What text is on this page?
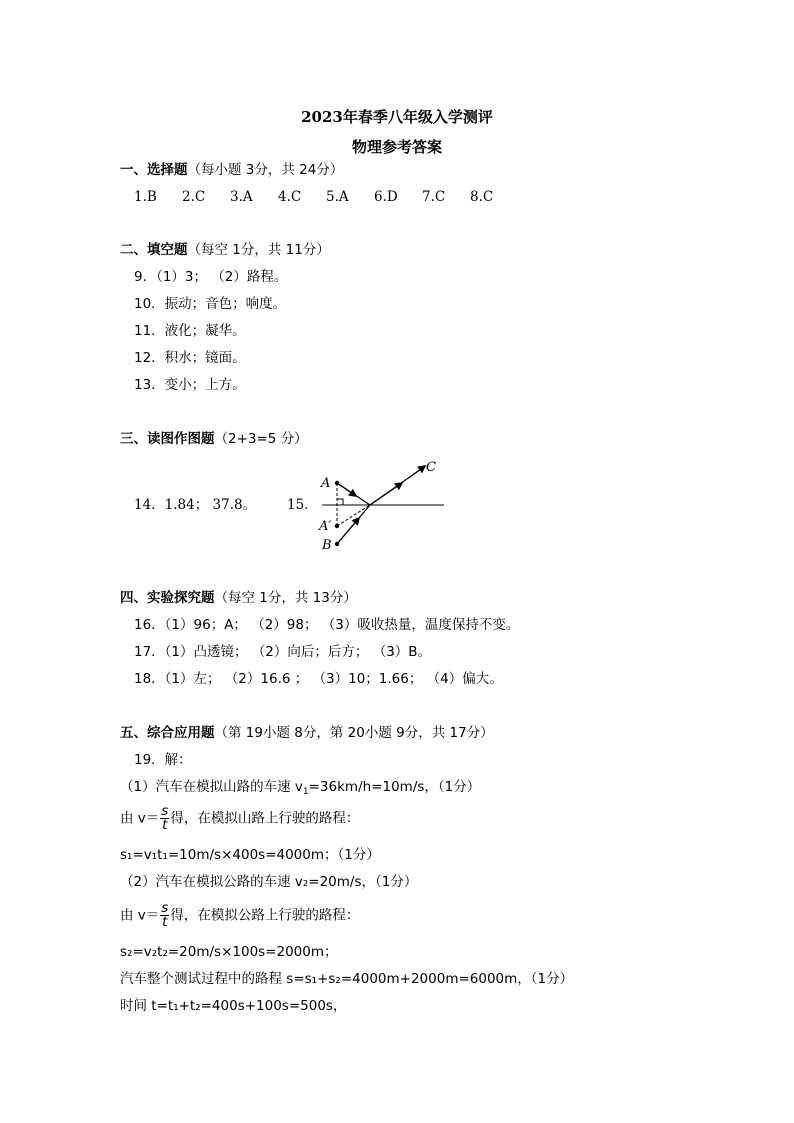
2023年春季八年级入学测评
物理参考答案
一、选择题（每小题 3分，共 24分）
1.B 2.C 3.A 4.C 5.A 6.D 7.C 8.C
二、填空题（每空 1分，共 11分）
9．（1）3； （2）路程。
10．振动；音色；响度。
11．液化；凝华。
12．积水；镜面。
13．变小；上方。
三、读图作图题（2+3=5 分）
14．1.84； 37.8。 15．
A
A′
B
C
四、实验探究题（每空 1分，共 13分）
16．（1）96；A； （2）98； （3）吸收热量，温度保持不变。
17．（1）凸透镜； （2）向后；后方； （3）B。
18．（1）左； （2）16.6 ； （3）10；1.66； （4）偏大。
五、综合应用题（第 19小题 8分，第 20小题 9分，共 17分）
19．解：
（1）汽车在模拟山路的车速 $v_1=36km/h=10m/s$，（1分）
由 $v= \frac{s}{t}$ 得，在模拟山路上行驶的路程：
s₁=v₁t₁=10m/s×400s=4000m；（1分）
（2）汽车在模拟公路的车速 v₂=20m/s，（1分）
由 $v= \frac{s}{t}$ 得，在模拟公路上行驶的路程：
s₂=v₂t₂=20m/s×100s=2000m；
汽车整个测试过程中的路程 s=s₁+s₂=4000m+2000m=6000m，（1分）
时间 t=t₁+t₂=400s+100s=500s，
